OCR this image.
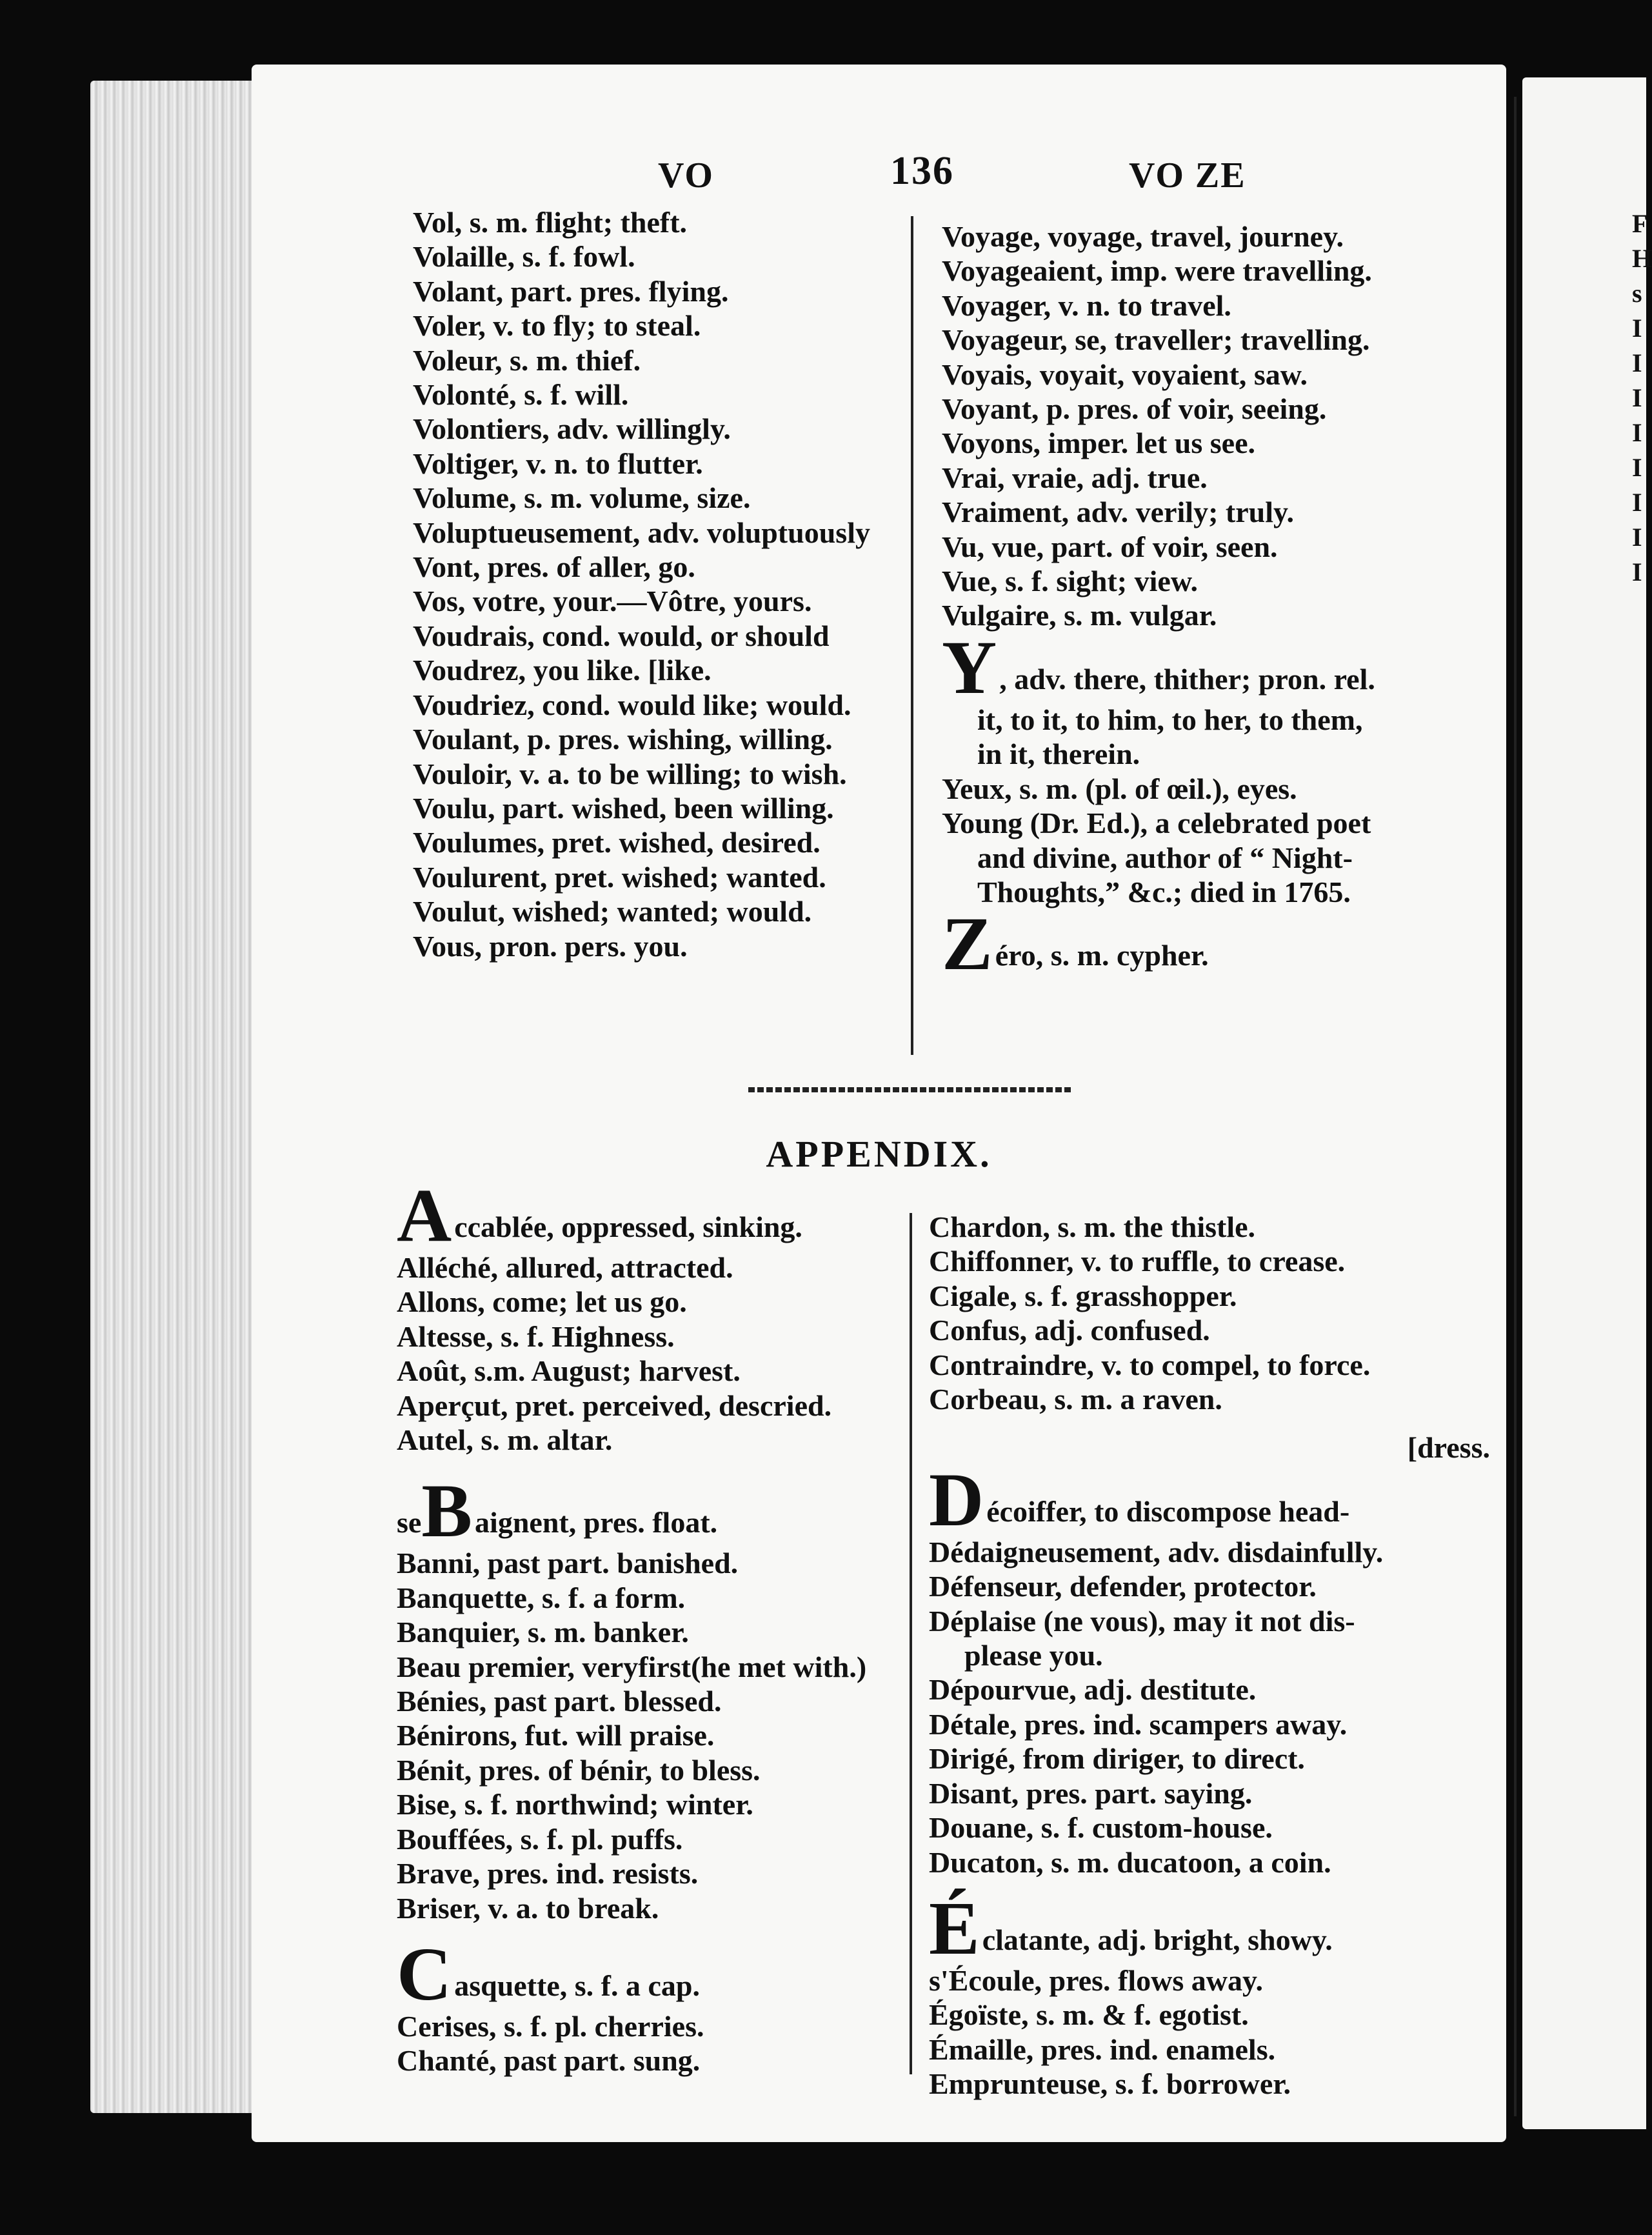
VO	136	VO ZE
Vol, s. m. flight; theft.
Volaille, s. f. fowl.
Volant, part. pres. flying.
Voler, v. to fly; to steal.
Voleur, s. m. thief.
Volonté, s. f. will.
Volontiers, adv. willingly.
Voltiger, v. n. to flutter.
Volume, s. m. volume, size.
Voluptueusement, adv. voluptuously
Vont, pres. of aller, go.
Vos, votre, your.—Vôtre, yours.
Voudrais, cond. would, or should
Voudrez, you like. [like.
Voudriez, cond. would like; would.
Voulant, p. pres. wishing, willing.
Vouloir, v. a. to be willing; to wish.
Voulu, part. wished, been willing.
Voulumes, pret. wished, desired.
Voulurent, pret. wished; wanted.
Voulut, wished; wanted; would.
Vous, pron. pers. you.
Voyage, voyage, travel, journey.
Voyageaient, imp. were travelling.
Voyager, v. n. to travel.
Voyageur, se, traveller; travelling.
Voyais, voyait, voyaient, saw.
Voyant, p. pres. of voir, seeing.
Voyons, imper. let us see.
Vrai, vraie, adj. true.
Vraiment, adv. verily; truly.
Vu, vue, part. of voir, seen.
Vue, s. f. sight; view.
Vulgaire, s. m. vulgar.
Y, adv. there, thither; pron. rel.
it, to it, to him, to her, to them,
in it, therein.
Yeux, s. m. (pl. of œil.), eyes.
Young (Dr. Ed.), a celebrated poet
and divine, author of “ Night-
Thoughts,” &c.; died in 1765.
Zéro, s. m. cypher.
APPENDIX.
Accablée, oppressed, sinking.
Alléché, allured, attracted.
Allons, come; let us go.
Altesse, s. f. Highness.
Août, s.m. August; harvest.
Aperçut, pret. perceived, descried.
Autel, s. m. altar.
seBaignent, pres. float.
Banni, past part. banished.
Banquette, s. f. a form.
Banquier, s. m. banker.
Beau premier, veryfirst(he met with.)
Bénies, past part. blessed.
Bénirons, fut. will praise.
Bénit, pres. of bénir, to bless.
Bise, s. f. northwind; winter.
Bouffées, s. f. pl. puffs.
Brave, pres. ind. resists.
Briser, v. a. to break.
Casquette, s. f. a cap.
Cerises, s. f. pl. cherries.
Chanté, past part. sung.
Chardon, s. m. the thistle.
Chiffonner, v. to ruffle, to crease.
Cigale, s. f. grasshopper.
Confus, adj. confused.
Contraindre, v. to compel, to force.
Corbeau, s. m. a raven.
[dress.
Décoiffer, to discompose head-
Dédaigneusement, adv. disdainfully.
Défenseur, defender, protector.
Déplaise (ne vous), may it not dis-
please you.
Dépourvue, adj. destitute.
Détale, pres. ind. scampers away.
Dirigé, from diriger, to direct.
Disant, pres. part. saying.
Douane, s. f. custom-house.
Ducaton, s. m. ducatoon, a coin.
Éclatante, adj. bright, showy.
s'Écoule, pres. flows away.
Égoïste, s. m. & f. egotist.
Émaille, pres. ind. enamels.
Emprunteuse, s. f. borrower.
F
H
s
I
I
I
I
I
I
I
I
